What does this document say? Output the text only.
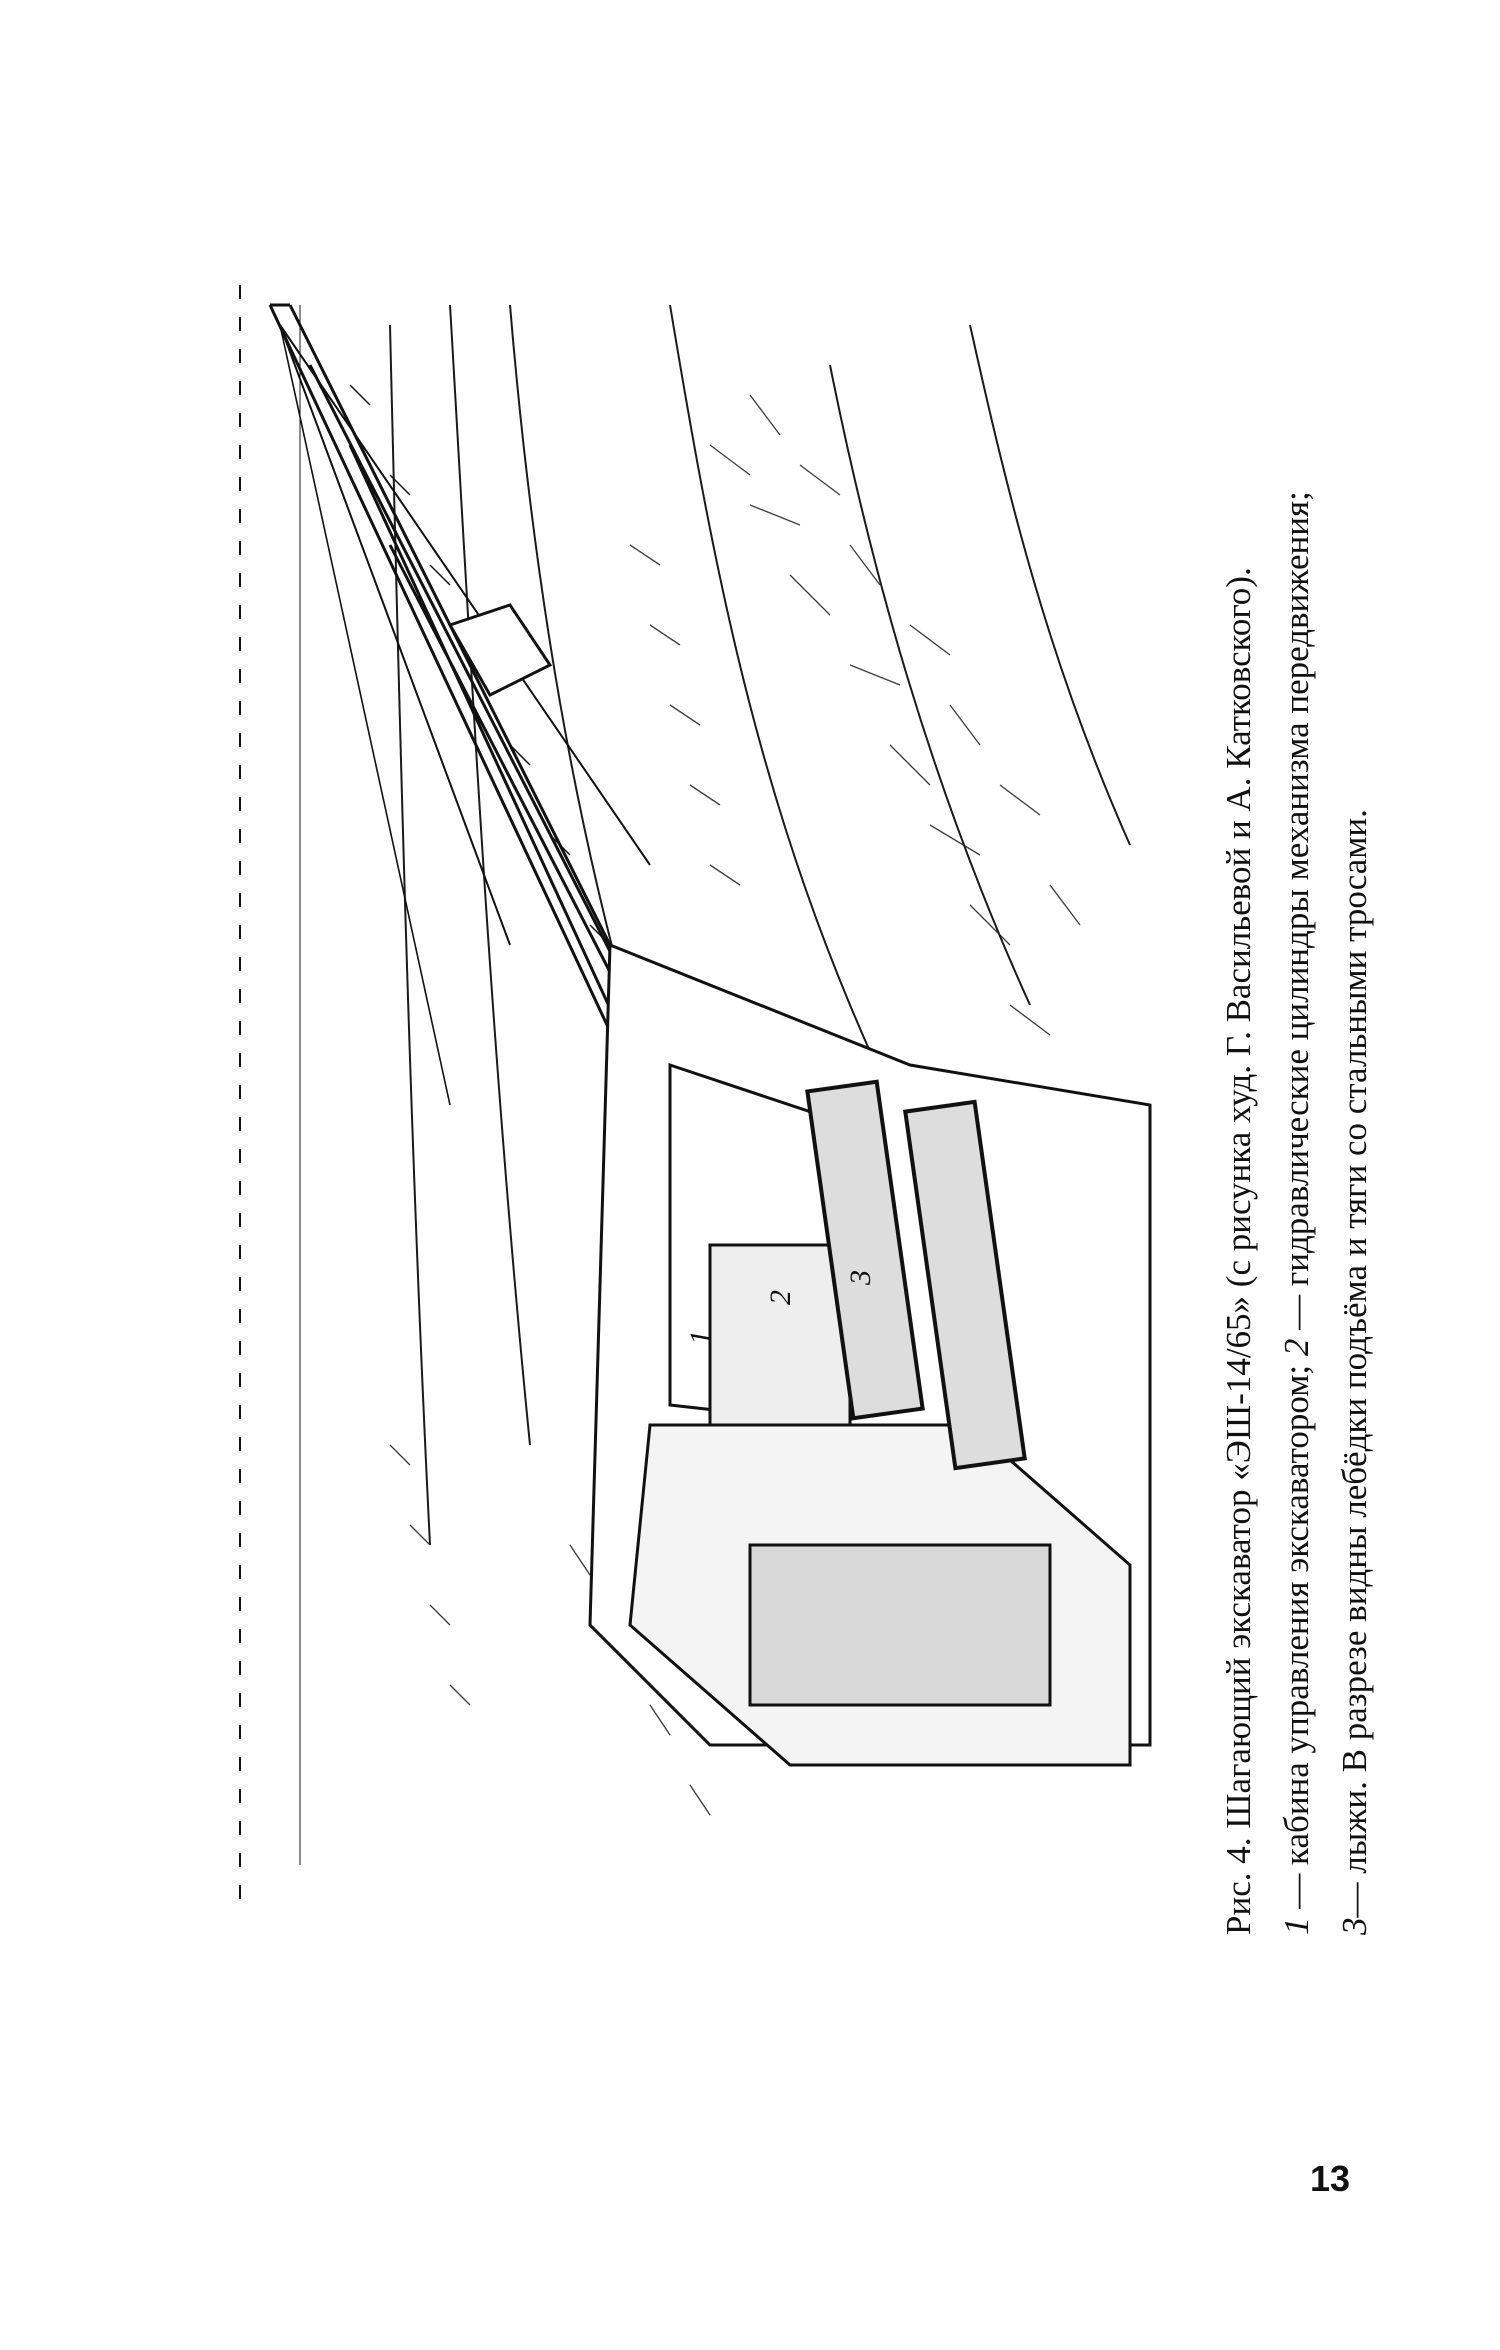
1
2
3	Рис. 4. Шагающий экскаватор «ЭШ-14/65» (с рисунка худ. Г. Васильевой и А. Катковского). 1 — кабина управления экскаватором; 2 — гидравлические цилиндры механизма передвижения;

3— лыжи. В разрезе видны лебёдки подъёма и тяги со стальными тросами.

13
